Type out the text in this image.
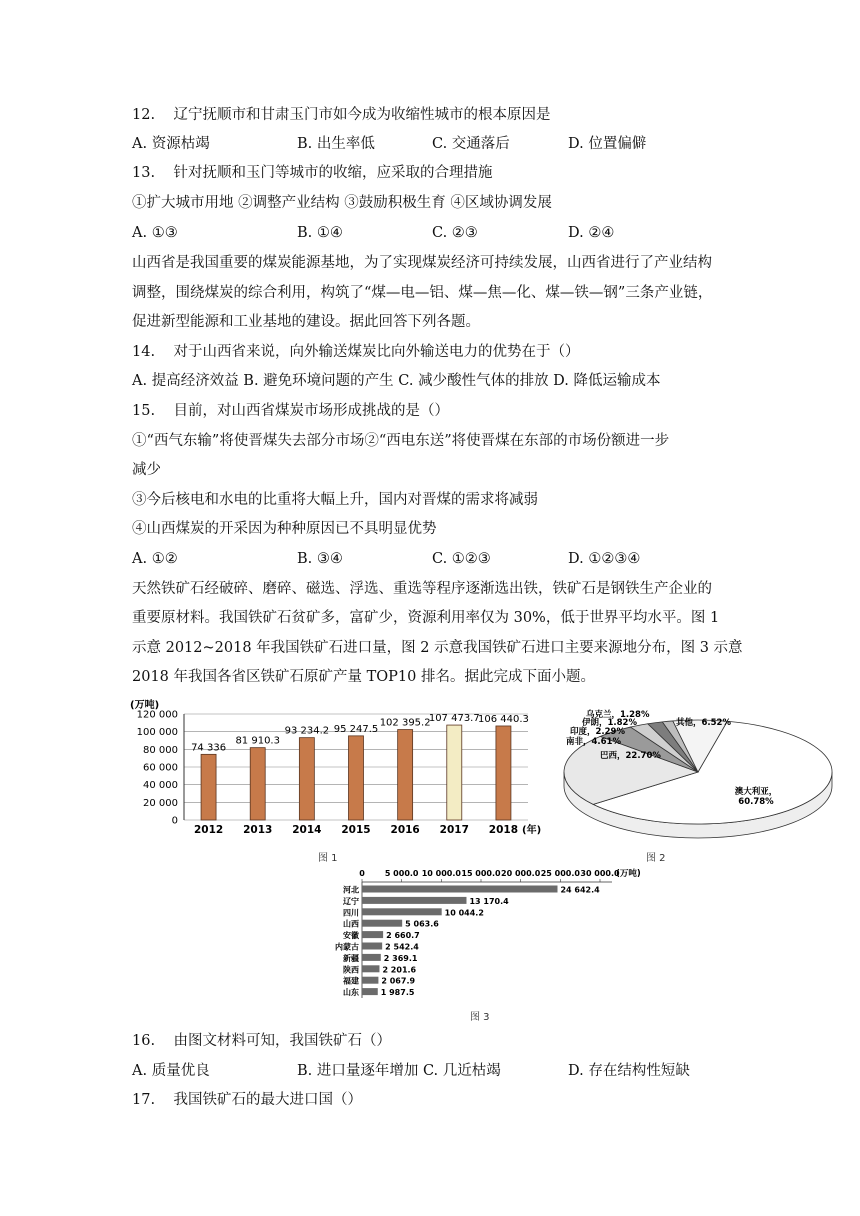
12. 辽宁抚顺市和甘肃玉门市如今成为收缩性城市的根本原因是
A. 资源枯竭	B. 出生率低	C. 交通落后	D. 位置偏僻
13. 针对抚顺和玉门等城市的收缩，应采取的合理措施
①扩大城市用地 ②调整产业结构 ③鼓励积极生育 ④区域协调发展
A. ①③	B. ①④	C. ②③	D. ②④
山西省是我国重要的煤炭能源基地，为了实现煤炭经济可持续发展，山西省进行了产业结构
调整，围绕煤炭的综合利用，构筑了“煤—电—铝、煤—焦—化、煤—铁—钢”三条产业链，
促进新型能源和工业基地的建设。据此回答下列各题。
14. 对于山西省来说，向外输送煤炭比向外输送电力的优势在于（）
A. 提高经济效益 B. 避免环境问题的产生 C. 减少酸性气体的排放 D. 降低运输成本
15. 目前，对山西省煤炭市场形成挑战的是（）
①“西气东输”将使晋煤失去部分市场②“西电东送”将使晋煤在东部的市场份额进一步
减少
③今后核电和水电的比重将大幅上升，国内对晋煤的需求将减弱
④山西煤炭的开采因为种种原因已不具明显优势
A. ①②	B. ③④	C. ①②③	D. ①②③④
天然铁矿石经破碎、磨碎、磁选、浮选、重选等程序逐渐选出铁，铁矿石是钢铁生产企业的
重要原材料。我国铁矿石贫矿多，富矿少，资源利用率仅为 30%，低于世界平均水平。图 1
示意 2012~2018 年我国铁矿石进口量，图 2 示意我国铁矿石进口主要来源地分布，图 3 示意
2018 年我国各省区铁矿石原矿产量 TOP10 排名。据此完成下面小题。
(万吨)
0
20 000
40 000
60 000
80 000
100 000
120 000
74 336
2012
81 910.3
2013
93 234.2
2014
95 247.5
2015
102 395.2
2016
107 473.7
2017
106 440.3
2018 (年)
图 1
澳大利亚，
60.78%
巴西，22.70%
南非，4.61%
印度，2.29%
伊朗，1.82%
乌克兰，1.28%
其他，6.52%
图 2
0	5 000.0 10 000.0 15 000.0 20 000.0 25 000.0 30 000.0
(万吨)
河北	24 642.4
辽宁	13 170.4
四川	10 044.2
山西	5 063.6
安徽	2 660.7
内蒙古	2 542.4
新疆	2 369.1
陕西	2 201.6
福建	2 067.9
山东	1 987.5
图 3
16. 由图文材料可知，我国铁矿石（）
A. 质量优良	B. 进口量逐年增加 C. 几近枯竭	D. 存在结构性短缺
17. 我国铁矿石的最大进口国（）
